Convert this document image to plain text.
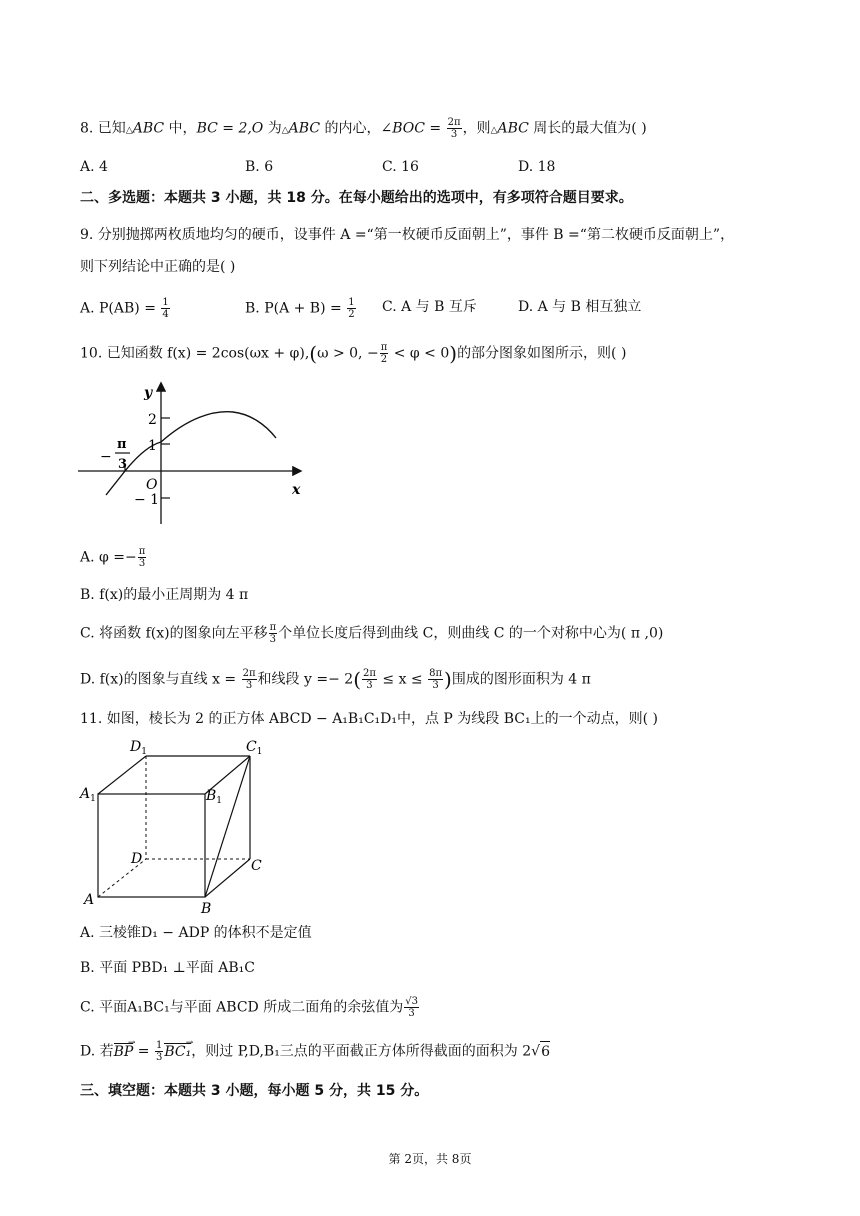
8. 已知△ABC 中，BC = 2,O 为△ABC 的内心，∠BOC = $\frac{2\pi}{3}$ ，则△ABC 周长的最大值为( )
A. 4	B. 6	C. 16	D. 18
二、多选题：本题共 3 小题，共 18 分。在每小题给出的选项中，有多项符合题目要求。
9. 分别抛掷两枚质地均匀的硬币，设事件 A =“第一枚硬币反面朝上”，事件 B =“第二枚硬币反面朝上”，
则下列结论中正确的是( )
A. $P(AB) = \frac{1}{4}$	B. $P(A + B) = \frac{1}{2} C$. A 与 B 互斥	D. A 与 B 相互独立
10. 已知函数 f(x) = 2cos(ωx + φ),(ω > 0, − $\frac{\pi}{2} < \varphi < 0$)的部分图象如图所示，则( )
y
x
O
2
1
− 1
−
π
3
A. $\varphi =- \frac{\pi}{3}$
B. f(x)的最小正周期为 4 π
C. 将函数 f(x)的图象向左平移 $\frac{\pi}{3}$ 个单位长度后得到曲线 C，则曲线 C 的一个对称中心为( π ,0)
D. f(x)的图象与直线 $x = \frac{2\pi}{3}$ 和线段 $y =- 2( \frac{2\pi}{3} \le x \le \frac{8\pi}{3}$ )围成的图形面积为 4 π
11. 如图，棱长为 2 的正方体 ABCD − A₁B₁C₁D₁中，点 P 为线段 BC₁上的一个动点，则( )
$D_1$	$C_1$
$A_1$	$B_1$
D	C
A
B
A. 三棱锥D₁ − ADP 的体积不是定值
B. 平面 PBD₁ ⊥平面 AB₁C
C. 平面A₁BC₁与平面 ABCD 所成二面角的余弦值为 $\frac{√3}{3}$
D. 若BP → = $\frac{1}{3} BC_1$ →，则过 P,D,B₁三点的平面截正方体所得截面的面积为 2√6
三、填空题：本题共 3 小题，每小题 5 分，共 15 分。
第 2页，共 8页
